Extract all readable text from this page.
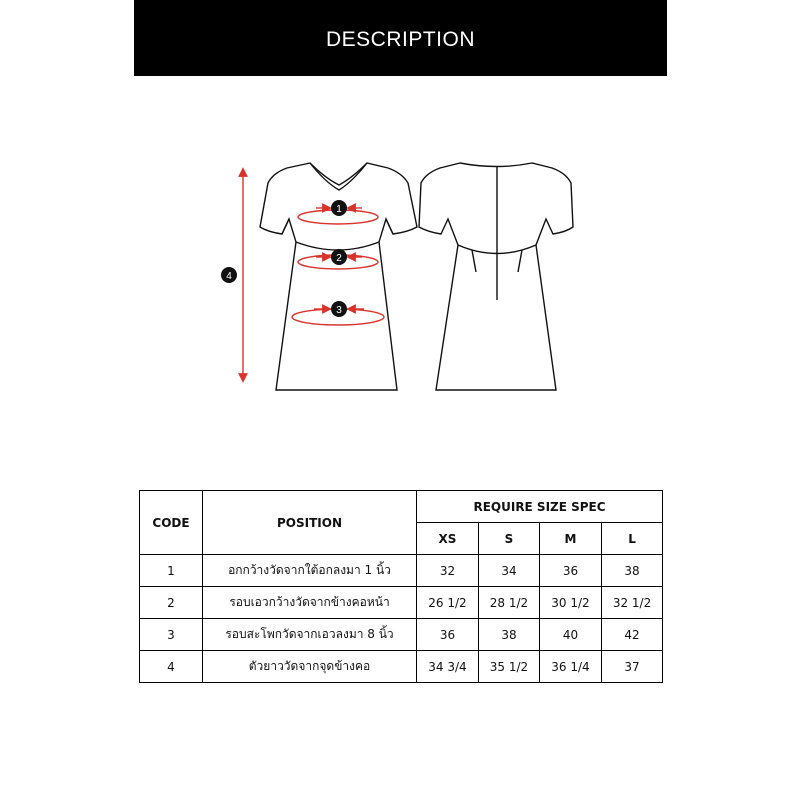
DESCRIPTION
1
2
3
4
CODE	POSITION	REQUIRE SIZE SPEC			
		XS	S	M	L
1	อกกว้างวัดจากใต้อกลงมา 1 นิ้ว	32	34	36	38
2	รอบเอวกว้างวัดจากข้างคอหน้า	26 1/2	28 1/2	30 1/2	32 1/2
3	รอบสะโพกวัดจากเอวลงมา 8 นิ้ว	36	38	40	42
4	ตัวยาววัดจากจุดข้างคอ	34 3/4	35 1/2	36 1/4	37
